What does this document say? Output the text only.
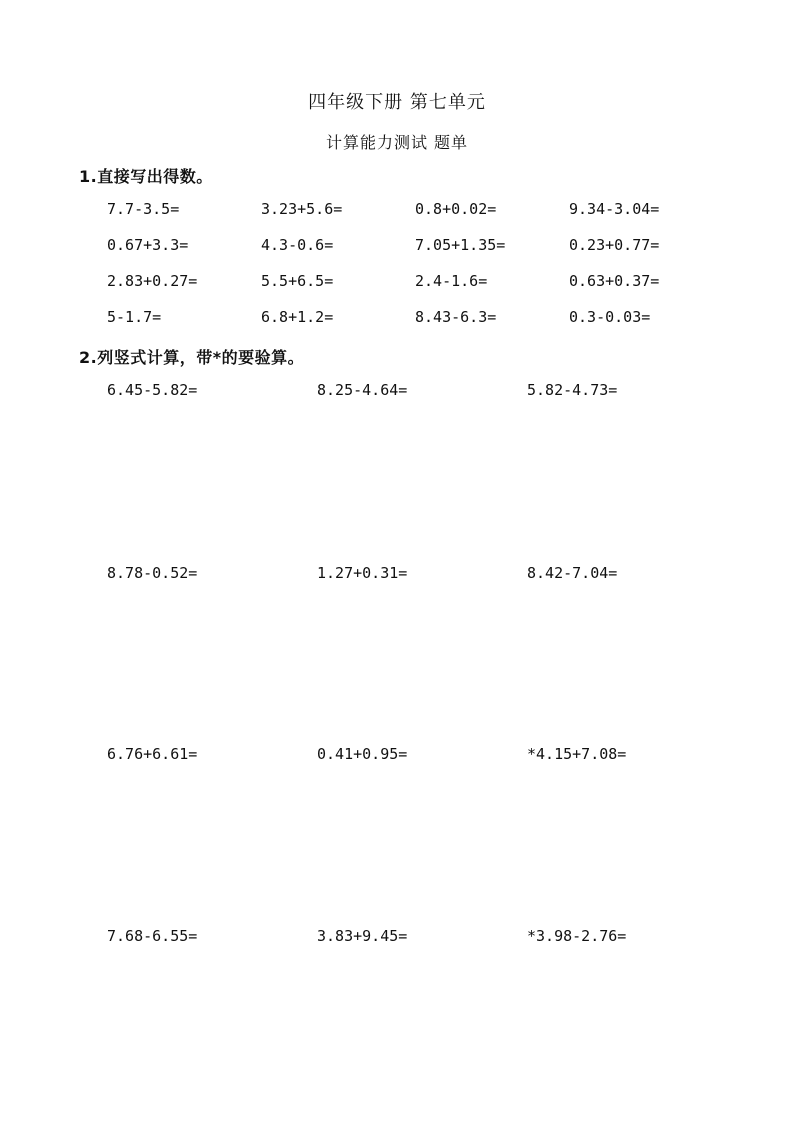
四年级下册 第七单元
计算能力测试 题单
1.直接写出得数。
7.7-3.5=	3.23+5.6=	0.8+0.02=	9.34-3.04=
0.67+3.3=	4.3-0.6=	7.05+1.35=	0.23+0.77=
2.83+0.27=	5.5+6.5=	2.4-1.6=	0.63+0.37=
5-1.7=	6.8+1.2=	8.43-6.3=	0.3-0.03=
2.列竖式计算，带*的要验算。
6.45-5.82=	8.25-4.64=	5.82-4.73=
8.78-0.52=	1.27+0.31=	8.42-7.04=
6.76+6.61=	0.41+0.95=	*4.15+7.08=
7.68-6.55=	3.83+9.45=	*3.98-2.76=
